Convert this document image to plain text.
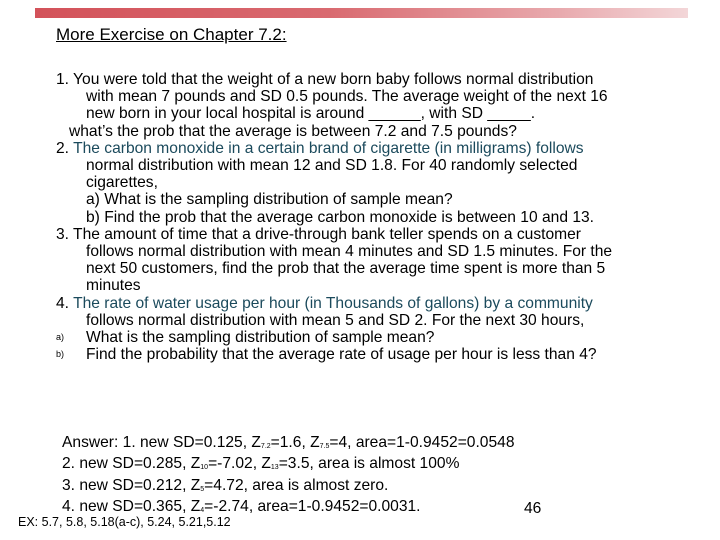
More Exercise on Chapter 7.2:

1. You were told that the weight of a new born baby follows normal distribution
with mean 7 pounds and SD 0.5 pounds. The average weight of the next 16
new born in your local hospital is around ______, with SD _____.

what’s the prob that the average is between 7.2 and 7.5 pounds?

2. The carbon monoxide in a certain brand of cigarette (in milligrams) follows
normal distribution with mean 12 and SD 1.8. For 40 randomly selected
cigarettes,

a) What is the sampling distribution of sample mean?

b) Find the prob that the average carbon monoxide is between 10 and 13.

3. The amount of time that a drive-through bank teller spends on a customer
follows normal distribution with mean 4 minutes and SD 1.5 minutes. For the
next 50 customers, find the prob that the average time spent is more than 5
minutes

4. The rate of water usage per hour (in Thousands of gallons) by a community
follows normal distribution with mean 5 and SD 2. For the next 30 hours,

a)	What is the sampling distribution of sample mean?
b)	Find the probability that the average rate of usage per hour is less than 4?
Answer: 1. new SD=0.125, $Z_{7.2}=1.6$, $Z_{7.5}=4$, area=1-0.9452=0.0548
2. new SD=0.285, $Z_{10}=-7.02$, $Z_{13}=3.5$, area is almost 100%
3. new SD=0.212, $Z_5=4.72$, area is almost zero.
4. new SD=0.365, $Z_4=-2.74$, area=1-0.9452=0.0031.	46
EX: 5.7, 5.8, 5.18(a-c), 5.24, 5.21,5.12
